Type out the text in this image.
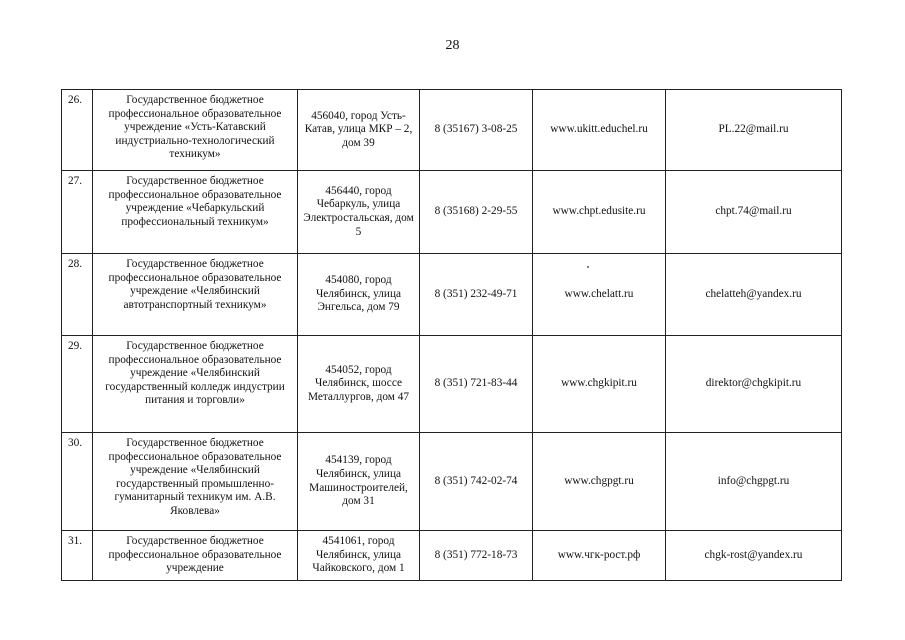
28
26.	Государственное бюджетное профессиональное образовательное учреждение «Усть-Катавский индустриально-технологический техникум»	456040, город Усть-Катав, улица МКР – 2, дом 39	8 (35167) 3-08-25	www.ukitt.educhel.ru	PL.22@mail.ru
27.	Государственное бюджетное профессиональное образовательное учреждение «Чебаркульский профессиональный техникум»	456440, город Чебаркуль, улица Электростальская, дом 5	8 (35168) 2-29-55	www.chpt.edusite.ru	chpt.74@mail.ru
28.	Государственное бюджетное профессиональное образовательное учреждение «Челябинский автотранспортный техникум»	454080, город Челябинск, улица Энгельса, дом 79	8 (351) 232-49-71	www.chelatt.ru	chelatteh@yandex.ru
29.	Государственное бюджетное профессиональное образовательное учреждение «Челябинский государственный колледж индустрии питания и торговли»	454052, город Челябинск, шоссе Металлургов, дом 47	8 (351) 721-83-44	www.chgkipit.ru	direktor@chgkipit.ru
30.	Государственное бюджетное профессиональное образовательное учреждение «Челябинский государственный промышленно-гуманитарный техникум им. А.В. Яковлева»	454139, город Челябинск, улица Машиностроителей, дом 31	8 (351) 742-02-74	www.chgpgt.ru	info@chgpgt.ru
31.	Государственное бюджетное профессиональное образовательное учреждение	4541061, город Челябинск, улица Чайковского, дом 1	8 (351) 772-18-73	www.чгк-рост.рф	chgk-rost@yandex.ru
